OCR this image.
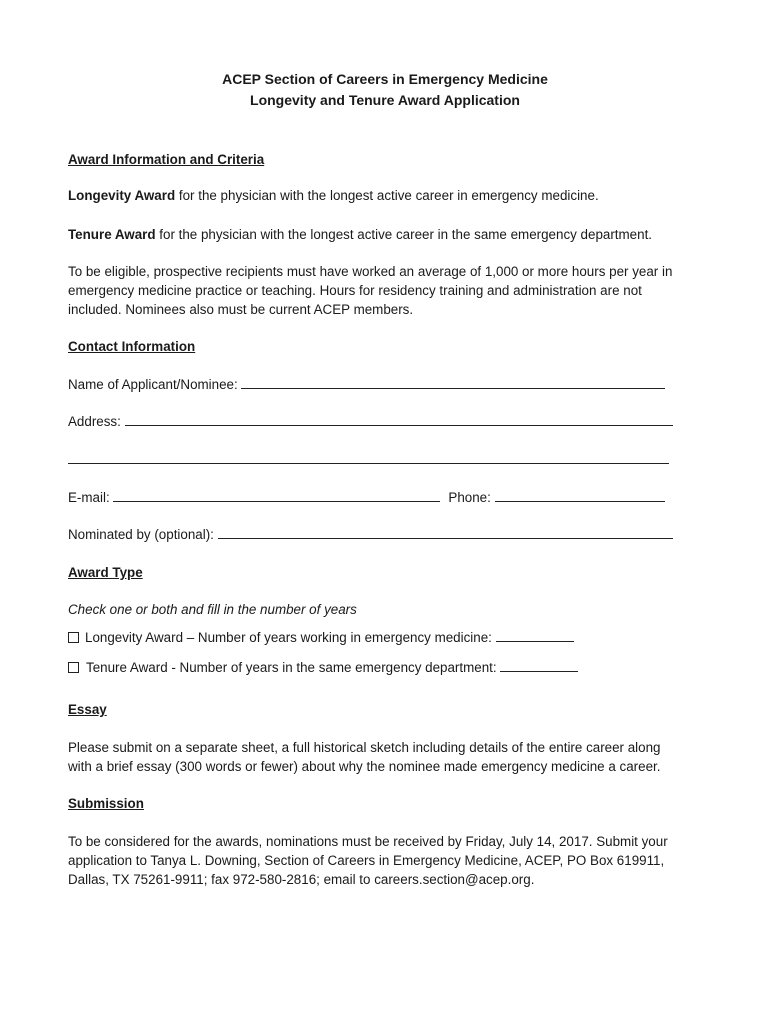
ACEP Section of Careers in Emergency Medicine
Longevity and Tenure Award Application
Award Information and Criteria
Longevity Award for the physician with the longest active career in emergency medicine.
Tenure Award for the physician with the longest active career in the same emergency department.
To be eligible, prospective recipients must have worked an average of 1,000 or more hours per year in
emergency medicine practice or teaching. Hours for residency training and administration are not
included. Nominees also must be current ACEP members.
Contact Information
Name of Applicant/Nominee:
Address:
E-mail:	Phone:
Nominated by (optional):
Award Type
Check one or both and fill in the number of years
Longevity Award – Number of years working in emergency medicine:
Tenure Award - Number of years in the same emergency department:
Essay
Please submit on a separate sheet, a full historical sketch including details of the entire career along
with a brief essay (300 words or fewer) about why the nominee made emergency medicine a career.
Submission
To be considered for the awards, nominations must be received by Friday, July 14, 2017. Submit your
application to Tanya L. Downing, Section of Careers in Emergency Medicine, ACEP, PO Box 619911,
Dallas, TX 75261-9911; fax 972-580-2816; email to careers.section@acep.org.
